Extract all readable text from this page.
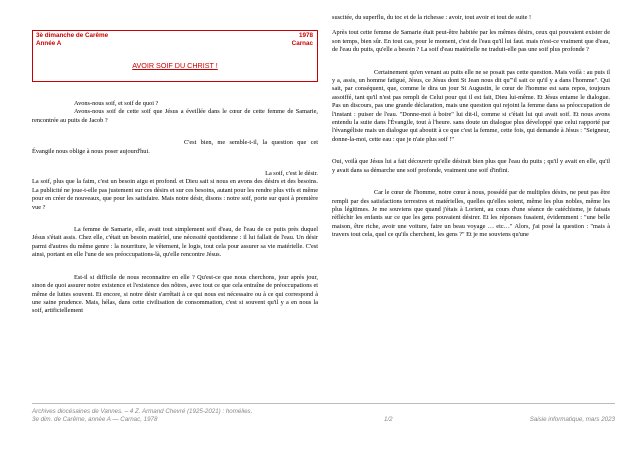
3è dimanche de Carême
Année A
1978
Carnac
AVOIR SOIF DU CHRIST !

Avons-nous soif, et soif de quoi ?

Avons-nous soif de cette soif que Jésus a éveillée dans le cœur de cette femme de Samarie, rencontrée au puits de Jacob ?

C'est bien, me semble-t-il, la question que cet Évangile nous oblige à nous poser aujourd'hui.

La soif, c'est le désir.

La soif, plus que la faim, c'est un besoin aigu et profond. et Dieu sait si nous en avons des désirs et des besoins. La publicité ne joue-t-elle pas justement sur ces désirs et sur ces besoins, autant pour les rendre plus vifs et même pour en créer de nouveaux, que pour les satisfaire. Mais notre désir, disons : notre soif, porte sur quoi à première vue ?

La femme de Samarie, elle, avait tout simplement soif d'eau, de l'eau de ce puits près duquel Jésus s'était assis. Chez elle, c'était un besoin matériel, une nécessité quotidienne : il lui fallait de l'eau. Un désir parmi d'autres du même genre : la nourriture, le vêtement, le logis, tout cela pour assurer sa vie matérielle. C'est ainsi, portant en elle l'une de ses préoccupations-là, qu'elle rencontre Jésus.

Est-il si difficile de nous reconnaitre en elle ? Qu'est-ce que nous cherchons, jour après jour, sinon de quoi assurer notre existence et l'existence des nôtres, avec tout ce que cela entraîne de préoccupations et même de luttes souvent. Et encore, si notre désir s'arrêtait à ce qui nous est nécessaire ou à ce qui correspond à une saine prudence. Mais, hélas, dans cette civilisation de consommation, c'est si souvent qu'il y a en nous la soif, artificiellement

suscitée, du superflu, du toc et de la richesse : avoir, tout avoir et tout de suite !

Après tout cette femme de Samarie était peut-être habitée par les mêmes désirs, ceux qui pouvaient exister de son temps, bien sûr. En tout cas, pour le moment, c'est de l'eau qu'il lui faut. mais n'est-ce vraiment que d'eau, de l'eau du puits, qu'elle a besoin ? La soif d'eau matérielle ne traduit-elle pas une soif plus profonde ?

Certainement qu'en venant au puits elle ne se posait pas cette question. Mais voilà : au puis il y a, assis, un homme fatigué, Jésus, ce Jésus dont St Jean nous dit qu'"il sait ce qu'il y a dans l'homme". Qui sait, par conséquent, que, comme le dira un jour St Augustin, le cœur de l'homme est sans repos, toujours assoiffé, tant qu'il n'est pas rempli de Celui pour qui il est fait, Dieu lui-même. Et Jésus entame le dialogue. Pas un discours, pas une grande déclaration, mais une question qui rejoint la femme dans sa préoccupation de l'instant : puiser de l'eau. "Donne-moi à boire" lui dit-il, comme si c'était lui qui avait soif. Et nous avons entendu la suite dans l'Évangile, tout à l'heure. sans doute un dialogue plus développé que celui rapporté par l'évangéliste mais un dialogue qui aboutit à ce que c'est la femme, cette fois, qui demande à Jésus : "Seigneur, donne-la-moi, cette eau : que je n'aie plus soif !"

Oui, voilà que Jésus lui a fait découvrir qu'elle désirait bien plus que l'eau du puits ; qu'il y avait en elle, qu'il y avait dans sa démarche une soif profonde, vraiment une soif d'infini.

Car le cœur de l'homme, notre cœur à nous, possédé par de multiples désirs, ne peut pas être rempli par des satisfactions terrestres et matérielles, quelles qu'elles soient, même les plus nobles, même les plus légitimes. Je me souviens que quand j'étais à Lorient, au cours d'une séance de catéchisme, je faisais réfléchir les enfants sur ce que les gens pouvaient désirer. Et les réponses fusaient, évidemment : "une belle maison, être riche, avoir une voiture, faire un beau voyage … etc…" Alors, j'ai posé la question : "mais à travers tout cela, quel ce qu'ils cherchent, les gens ?" Et je me souviens qu'une

Archives diocésaines de Vannes. – 4 Z. Armand Chevré (1925-2021) : homélies.
3e dim. de Carême, année A — Carnac, 1978	1/2	Saisie informatique, mars 2023
